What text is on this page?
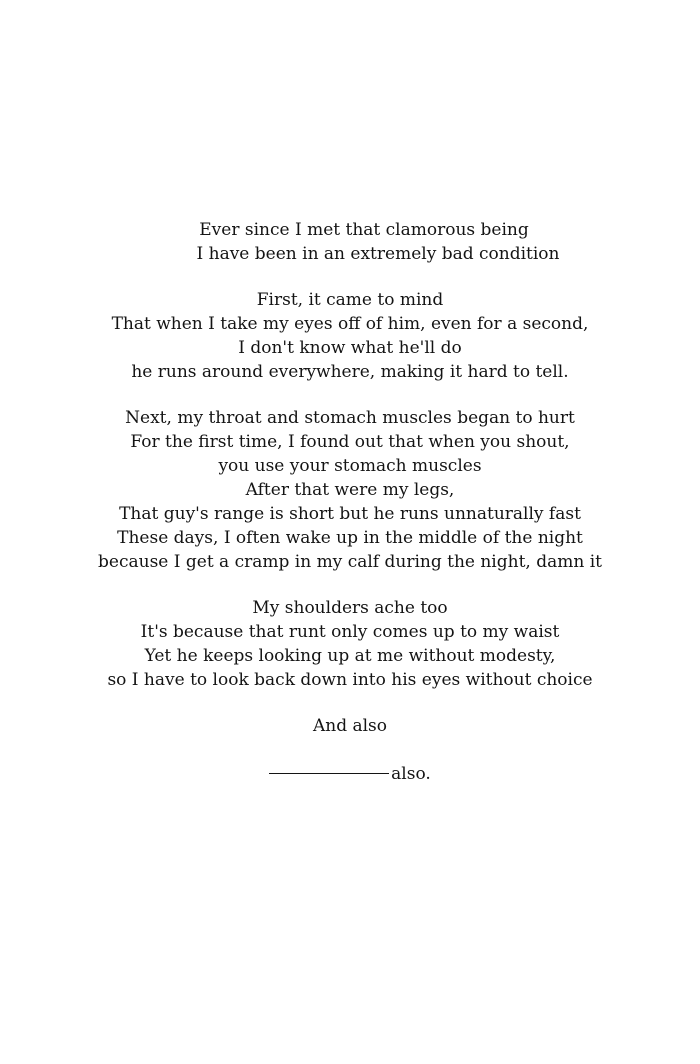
Ever since I met that clamorous being
I have been in an extremely bad condition
First, it came to mind
That when I take my eyes off of him, even for a second,
I don't know what he'll do
he runs around everywhere, making it hard to tell.
Next, my throat and stomach muscles began to hurt
For the first time, I found out that when you shout,
you use your stomach muscles
After that were my legs,
That guy's range is short but he runs unnaturally fast
These days, I often wake up in the middle of the night
because I get a cramp in my calf during the night, damn it
My shoulders ache too
It's because that runt only comes up to my waist
Yet he keeps looking up at me without modesty,
so I have to look back down into his eyes without choice
And also
also.
